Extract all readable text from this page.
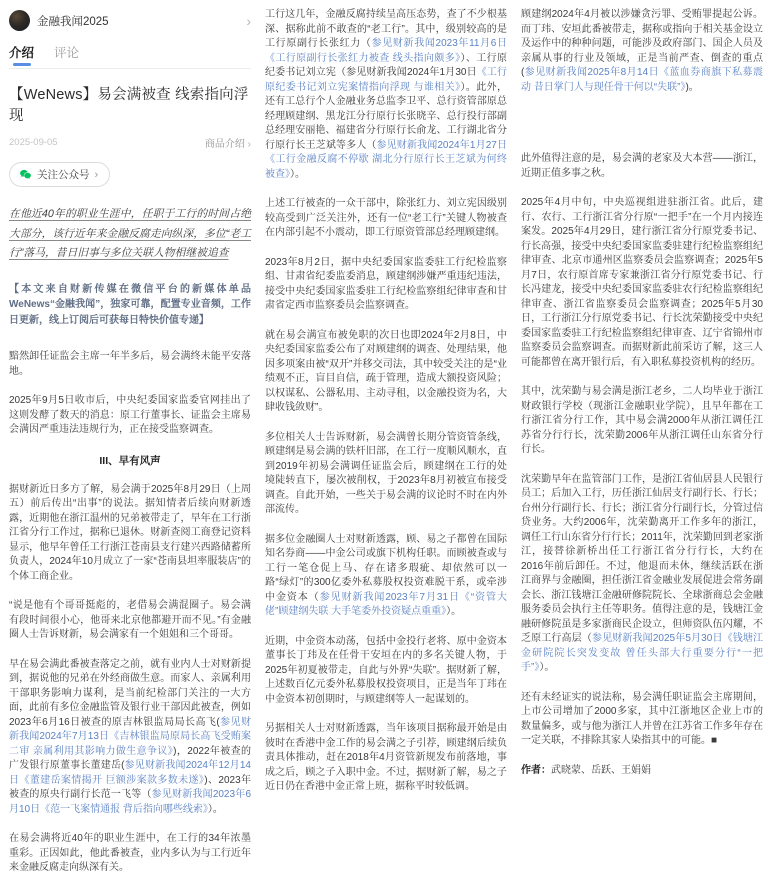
金融我闻2025	›
介绍 评论
【WeNews】易会满被查 线索指向浮现
2025-09-05	商品介绍 ›
关注公众号 ›

在他近40年的职业生涯中，任职于工行的时间占绝大部分，该行近年来金融反腐走向纵深，多位“老工行”落马，昔日旧事与多位关联人物相继被追查

【本文来自财新传媒在微信平台的新媒体单品 WeNews“金融我闻”，独家可靠，配置专业音频，工作日更新，线上订阅后可获每日特快价值专递】

黯然卸任证监会主席一年半多后，易会满终未能平安落地。

2025年9月5日收市后，中央纪委国家监委官网挂出了这则发酵了数天的消息：原工行董事长、证监会主席易会满因严重违法违规行为，正在接受监察调查。

III、早有风声

据财新近日多方了解，易会满于2025年8月29日（上周五）前后传出“出事”的说法。据知情者后续向财新透露，近期他在浙江温州的兄弟被带走了，早年在工行浙江省分行工作过，据称已退休。财新查阅工商登记资料显示，他早年曾任工行浙江苍南县支行建兴西路储蓄所负责人，2024年10月成立了一家“苍南县坦率服装店”的个体工商企业。

“说是他有个哥哥挺彪的，老借易会满混圈子。易会满有段时间很小心，他哥来北京他都避开而不见。”有金融圈人士告诉财新，易会满家有一个姐姐和三个哥哥。

早在易会满此番被查落定之前，就有业内人士对财新提到，据说他的兄弟在外经商做生意。而家人、亲属利用干部职务影响力谋利，是当前纪检部门关注的一大方面，此前有多位金融监管及银行业干部因此被查，例如2023年6月16日被查的原吉林银监局局长高飞(参见财新我闻2024年7月13日《吉林银监局原局长高飞受贿案二审 亲属利用其影响力做生意争议》)，2022年被查的广发银行原董事长董建岳(参见财新我闻2024年12月14日《董建岳案情揭开 巨额涉案款多数未遂》)、2023年被查的原央行副行长范一飞等（参见财新我闻2023年6月10日《范一飞案情通报 背后指向哪些线索》）。

在易会满将近40年的职业生涯中，在工行的34年浓墨重彩。正因如此，他此番被查，业内多认为与工行近年来金融反腐走向纵深有关。

工行这几年，金融反腐持续呈高压态势，查了不少根基深、据称此前不敢查的“老工行”。其中，级别较高的是工行原副行长张红力（参见财新我闻2023年11月6日《工行原副行长张红力被查 线头指向颇多》）、工行原纪委书记刘立宪（参见财新我闻2024年1月30日《工行原纪委书记刘立宪案情指向浮现 与谁相关》）。此外，还有工总行个人金融业务总监李卫平、总行资管部原总经理顾建纲、黑龙江分行原行长张晓辛、总行投行部副总经理安丽艳、福建省分行原行长俞龙、工行湖北省分行原行长王芝斌等多人（参见财新我闻2024年1月27日《工行金融反腐不停歇 湖北分行原行长王芝斌为何终被查》）。

上述工行被查的一众干部中，除张红力、刘立宪因级别较高受到广泛关注外，还有一位“老工行”关键人物被查在内部引起不小震动，即工行原资管部总经理顾建纲。

2023年8月2日，据中央纪委国家监委驻工行纪检监察组、甘肃省纪委监委消息，顾建纲涉嫌严重违纪违法，接受中央纪委国家监委驻工行纪检监察组纪律审查和甘肃省定西市监察委员会监察调查。

就在易会满宣布被免职的次日也即2024年2月8日，中央纪委国家监委公布了对顾建纲的调查、处理结果，他因多项案由被“双开”并移交司法，其中较受关注的是“业绩观不正，盲目自信，疏于管理，造成大额投资风险；以权谋私、公器私用、主动寻租，以金融投资为名，大肆收钱敛财”。

多位相关人士告诉财新，易会满曾长期分管资管条线，顾建纲是易会满的铁杆旧部，在工行一度顺风顺水，直到2019年初易会满调任证监会后，顾建纲在工行的处境陡转直下，屡次被削权，于2023年8月初被宣布接受调查。自此开始，一些关于易会满的议论时不时在内外部流传。

据多位金融圈人士对财新透露，顾、易之子都曾在国际知名券商——中金公司或旗下机构任职。而顾被查或与工行一笔仓促上马、存在诸多瑕疵、却依然可以一路“绿灯”的300亿委外私募股权投资难脱干系，或牵涉中金资本（参见财新我闻2023年7月31日《“资管大佬”顾建纲失联 大手笔委外投资疑点重重》）。

近期，中金资本动荡，包括中金投行老将、原中金资本董事长丁玮及在任骨干安垣在内的多名关键人物，于2025年初夏被带走，自此与外界“失联”。据财新了解，上述数百亿元委外私募股权投资项目，正是当年丁玮在中金资本初创期时，与顾建纲等人一起谋划的。

另据相关人士对财新透露，当年该项目据称最开始是由彼时在香港中金工作的易会满之子引荐，顾建纲后续负责具体推动，赶在2018年4月资管新规发布前落地，事成之后，顾之子入职中金。不过，据财新了解，易之子近日仍在香港中金正常上班，据称平时较低调。

顾建纲2024年4月被以涉嫌贪污罪、受贿罪提起公诉。而丁玮、安垣此番被带走，据称或指向于相关基金设立及运作中的种种问题，可能涉及政府部门、国企人员及亲属从事的行业及领域，正是当前严查、倒查的重点(参见财新我闻2025年8月14日《蓝血券商旗下私募震动 昔日掌门人与现任骨干何以“失联”》)。

此外值得注意的是，易会满的老家及大本营——浙江，近期正值多事之秋。

2025年4月中旬，中央巡视组进驻浙江省。此后，建行、农行、工行浙江省分行原“一把手”在一个月内接连案发。2025年4月29日，建行浙江省分行原党委书记、行长高强，接受中央纪委国家监委驻建行纪检监察组纪律审查、北京市通州区监察委员会监察调查；2025年5月7日，农行原首席专家兼浙江省分行原党委书记、行长冯建龙，接受中央纪委国家监委驻农行纪检监察组纪律审查、浙江省监察委员会监察调查；2025年5月30日，工行浙江分行原党委书记、行长沈荣勤接受中央纪委国家监委驻工行纪检监察组纪律审查、辽宁省锦州市监察委员会监察调查。而据财新此前采访了解，这三人可能都曾在离开银行后，有入职私募投资机构的经历。

其中，沈荣勤与易会满是浙江老乡，二人均毕业于浙江财政银行学校（现浙江金融职业学院），且早年都在工行浙江省分行工作，其中易会满2000年从浙江调任江苏省分行行长，沈荣勤2006年从浙江调任山东省分行行长。

沈荣勤早年在监管部门工作，是浙江省仙居县人民银行员工；后加入工行，历任浙江仙居支行副行长、行长；台州分行副行长、行长；浙江省分行副行长，分管过信贷业务。大约2006年，沈荣勤离开工作多年的浙江，调任工行山东省分行行长；2011年，沈荣勤回到老家浙江，接替徐新桥出任工行浙江省分行行长，大约在2016年前后卸任。不过，他退而未休，继续活跃在浙江商界与金融圈，担任浙江省金融业发展促进会常务副会长、浙江钱塘江金融研修院院长、全球浙商总会金融服务委员会执行主任等职务。值得注意的是，钱塘江金融研修院虽是多家浙商民企设立，但师资队伍闪耀，不乏原工行高层（参见财新我闻2025年5月30日《钱塘江金研院院长突发变故 曾任头部大行重要分行“一把手”》）。

还有未经证实的说法称，易会满任职证监会主席期间，上市公司增加了2000多家，其中江浙地区企业上市的数量偏多，或与他为浙江人并曾在江苏省工作多年存在一定关联，不排除其家人染指其中的可能。■

作者：武晓蒙、岳跃、王娟娟
